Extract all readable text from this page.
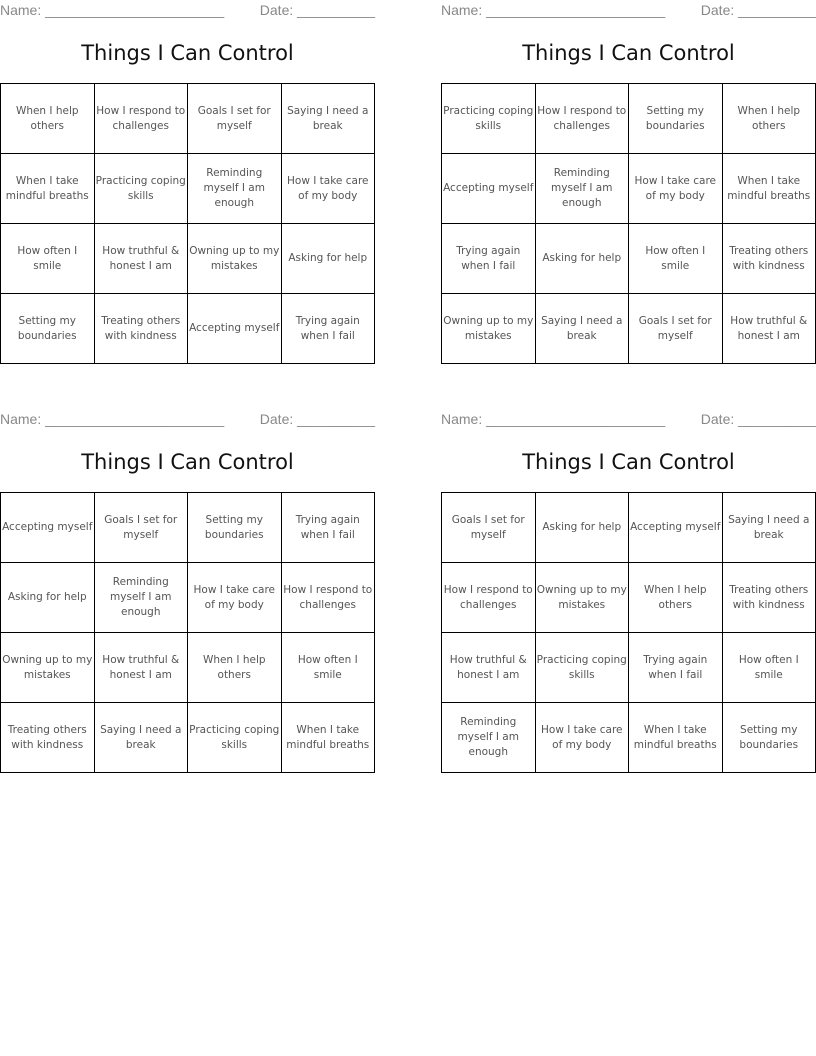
Name: _______________________	Date: __________
Things I Can Control
When I help others	How I respond to challenges	Goals I set for myself	Saying I need a break
When I take mindful breaths	Practicing coping skills	Reminding myself I am enough	How I take care of my body
How often I smile	How truthful & honest I am	Owning up to my mistakes	Asking for help
Setting my boundaries	Treating others with kindness	Accepting myself	Trying again when I fail
Name: _______________________	Date: __________
Things I Can Control
Practicing coping skills	How I respond to challenges	Setting my boundaries	When I help others
Accepting myself	Reminding myself I am enough	How I take care of my body	When I take mindful breaths
Trying again when I fail	Asking for help	How often I smile	Treating others with kindness
Owning up to my mistakes	Saying I need a break	Goals I set for myself	How truthful & honest I am
Name: _______________________	Date: __________
Things I Can Control
Accepting myself	Goals I set for myself	Setting my boundaries	Trying again when I fail
Asking for help	Reminding myself I am enough	How I take care of my body	How I respond to challenges
Owning up to my mistakes	How truthful & honest I am	When I help others	How often I smile
Treating others with kindness	Saying I need a break	Practicing coping skills	When I take mindful breaths
Name: _______________________	Date: __________
Things I Can Control
Goals I set for myself	Asking for help	Accepting myself	Saying I need a break
How I respond to challenges	Owning up to my mistakes	When I help others	Treating others with kindness
How truthful & honest I am	Practicing coping skills	Trying again when I fail	How often I smile
Reminding myself I am enough	How I take care of my body	When I take mindful breaths	Setting my boundaries
